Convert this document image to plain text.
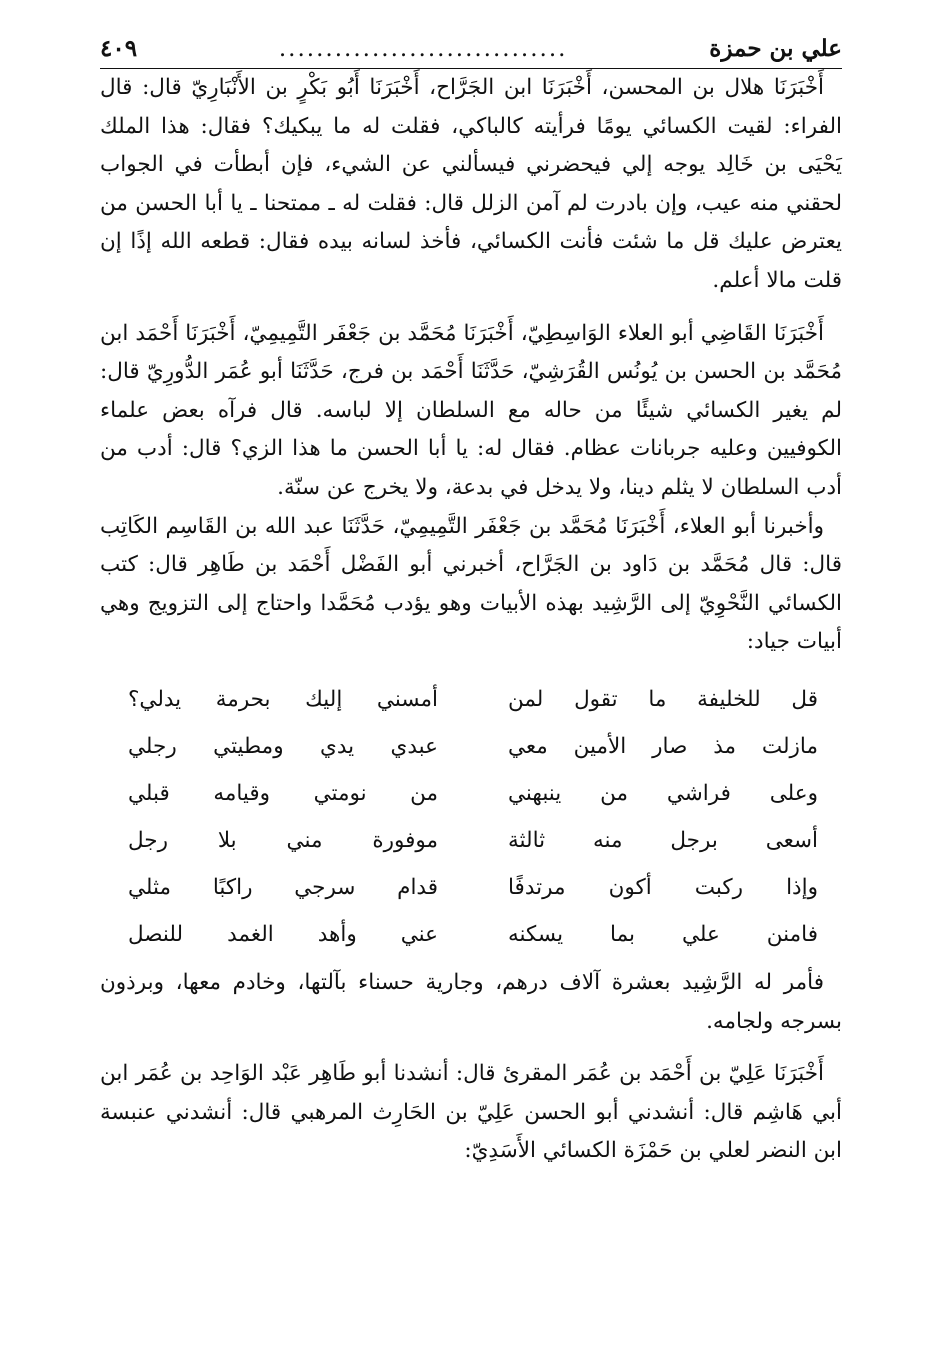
علي بن حمزة
...............................
٤٠٩

أَخْبَرَنَا هلال بن المحسن، أَخْبَرَنَا ابن الجَرَّاح، أَخْبَرَنَا أَبُو بَكْرٍ بن الأَنْبَارِيّ قال: قال الفراء: لقيت الكسائي يومًا فرأيته كالباكي، فقلت له ما يبكيك؟ فقال: هذا الملك يَحْيَى بن خَالِد يوجه إلي فيحضرني فيسألني عن الشيء، فإن أبطأت في الجواب لحقني منه عيب، وإن بادرت لم آمن الزلل قال: فقلت له ـ ممتحنا ـ يا أبا الحسن من يعترض عليك قل ما شئت فأنت الكسائي، فأخذ لسانه بيده فقال: قطعه الله إذًا إن قلت مالا أعلم.

أَخْبَرَنَا القَاضِي أبو العلاء الوَاسِطِيّ، أَخْبَرَنَا مُحَمَّد بن جَعْفَر التَّمِيمِيّ، أَخْبَرَنَا أَحْمَد ابن مُحَمَّد بن الحسن بن يُونُس القُرَشِيّ، حَدَّثَنَا أَحْمَد بن فرج، حَدَّثَنَا أبو عُمَر الدُّورِيّ قال: لم يغير الكسائي شيئًا من حاله مع السلطان إلا لباسه. قال فرآه بعض علماء الكوفيين وعليه جربانات عظام. فقال له: يا أبا الحسن ما هذا الزي؟ قال: أدب من أدب السلطان لا يثلم دينا، ولا يدخل في بدعة، ولا يخرج عن سنّة.

وأخبرنا أبو العلاء، أَخْبَرَنَا مُحَمَّد بن جَعْفَر التَّمِيمِيّ، حَدَّثَنَا عبد الله بن القَاسِم الكَاتِب قال: قال مُحَمَّد بن دَاود بن الجَرَّاح، أخبرني أبو الفَضْل أَحْمَد بن طَاهِر قال: كتب الكسائي النَّحْوِيّ إلى الرَّشِيد بهذه الأبيات وهو يؤدب مُحَمَّدا واحتاج إلى التزويج وهي أبيات جياد:

قل للخليفة ما تقول لمن
أمسني إليك بحرمة يدلي؟
مازلت مذ صار الأمين معي
عبدي يدي ومطيتي رجلي
وعلى فراشي من ينبهني
من نومتي وقيامه قبلي
أسعى برجل منه ثالثة
موفورة مني بلا رجل
وإذا ركبت أكون مرتدفًا
قدام سرجي راكبًا مثلي
فامنن علي بما يسكنه
عني وأهد الغمد للنصل

فأمر له الرَّشِيد بعشرة آلاف درهم، وجارية حسناء بآلتها، وخادم معها، وبرذون بسرجه ولجامه.

أَخْبَرَنَا عَلِيّ بن أَحْمَد بن عُمَر المقرئ قال: أنشدنا أبو طَاهِر عَبْد الوَاحِد بن عُمَر ابن أبي هَاشِم قال: أنشدني أبو الحسن عَلِيّ بن الحَارِث المرهبي قال: أنشدني عنبسة ابن النضر لعلي بن حَمْزَة الكسائي الأَسَدِيّ:
